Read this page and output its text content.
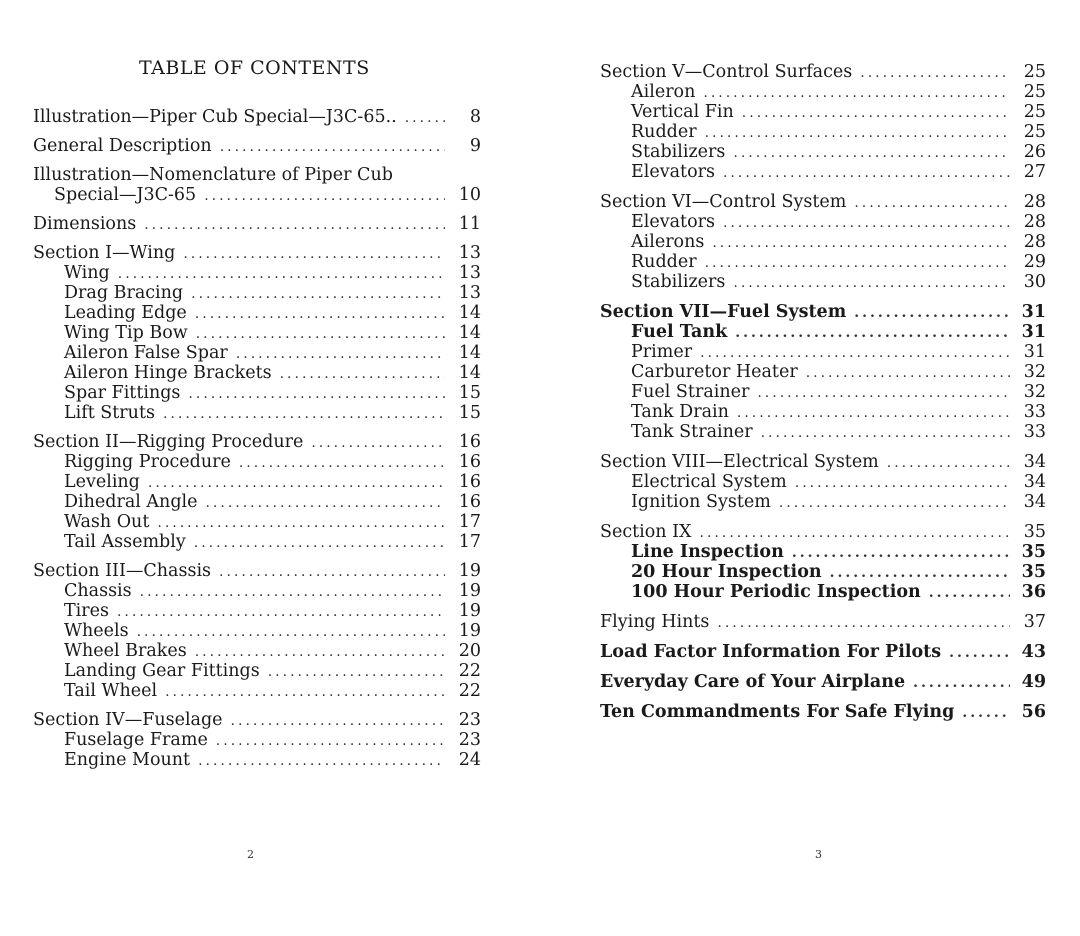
TABLE OF CONTENTS
Illustration—Piper Cub Special—J3C-65.. .....	8
General Description .....	9
Illustration—Nomenclature of Piper Cub
Special—J3C-65 .....	10
Dimensions .....	11
Section I—Wing .....	13
Wing .....	13
Drag Bracing .....	13
Leading Edge .....	14
Wing Tip Bow .....	14
Aileron False Spar .....	14
Aileron Hinge Brackets .....	14
Spar Fittings .....	15
Lift Struts .....	15
Section II—Rigging Procedure .....	16
Rigging Procedure .....	16
Leveling .....	16
Dihedral Angle .....	16
Wash Out .....	17
Tail Assembly .....	17
Section III—Chassis .....	19
Chassis .....	19
Tires .....	19
Wheels .....	19
Wheel Brakes .....	20
Landing Gear Fittings .....	22
Tail Wheel .....	22
Section IV—Fuselage .....	23
Fuselage Frame .....	23
Engine Mount .....	24
2
Section V—Control Surfaces .....	25
Aileron .....	25
Vertical Fin .....	25
Rudder .....	25
Stabilizers .....	26
Elevators .....	27
Section VI—Control System .....	28
Elevators .....	28
Ailerons .....	28
Rudder .....	29
Stabilizers .....	30
Section VII—Fuel System .....	31
Fuel Tank .....	31
Primer .....	31
Carburetor Heater .....	32
Fuel Strainer .....	32
Tank Drain .....	33
Tank Strainer .....	33
Section VIII—Electrical System .....	34
Electrical System .....	34
Ignition System .....	34
Section IX .....	35
Line Inspection .....	35
20 Hour Inspection .....	35
100 Hour Periodic Inspection .....	36
Flying Hints .....	37
Load Factor Information For Pilots .....	43
Everyday Care of Your Airplane .....	49
Ten Commandments For Safe Flying .....	56
3
